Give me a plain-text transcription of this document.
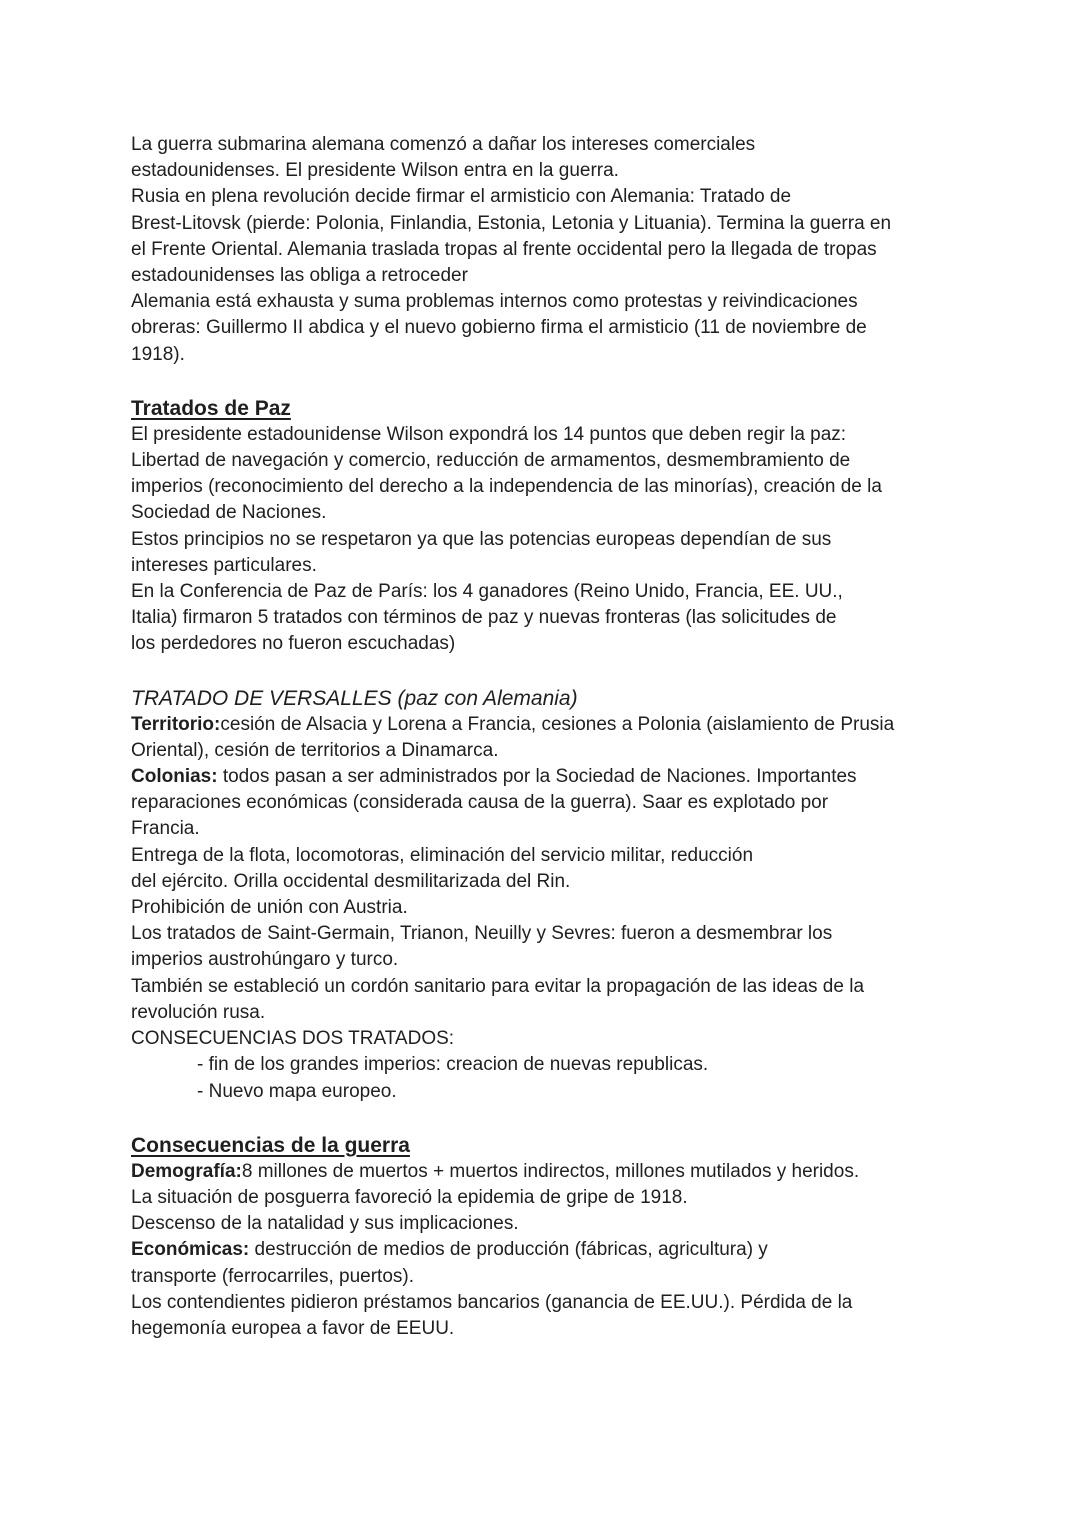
La guerra submarina alemana comenzó a dañar los intereses comerciales

estadounidenses. El presidente Wilson entra en la guerra.

Rusia en plena revolución decide firmar el armisticio con Alemania: Tratado de

Brest-Litovsk (pierde: Polonia, Finlandia, Estonia, Letonia y Lituania). Termina la guerra en

el Frente Oriental. Alemania traslada tropas al frente occidental pero la llegada de tropas

estadounidenses las obliga a retroceder

Alemania está exhausta y suma problemas internos como protestas y reivindicaciones

obreras: Guillermo II abdica y el nuevo gobierno firma el armisticio (11 de noviembre de

1918).

Tratados de Paz

El presidente estadounidense Wilson expondrá los 14 puntos que deben regir la paz:

Libertad de navegación y comercio, reducción de armamentos, desmembramiento de

imperios (reconocimiento del derecho a la independencia de las minorías), creación de la

Sociedad de Naciones.

Estos principios no se respetaron ya que las potencias europeas dependían de sus

intereses particulares.

En la Conferencia de Paz de París: los 4 ganadores (Reino Unido, Francia, EE. UU.,

Italia) firmaron 5 tratados con términos de paz y nuevas fronteras (las solicitudes de

los perdedores no fueron escuchadas)

TRATADO DE VERSALLES (paz con Alemania)

Territorio:cesión de Alsacia y Lorena a Francia, cesiones a Polonia (aislamiento de Prusia

Oriental), cesión de territorios a Dinamarca.

Colonias: todos pasan a ser administrados por la Sociedad de Naciones. Importantes

reparaciones económicas (considerada causa de la guerra). Saar es explotado por

Francia.

Entrega de la flota, locomotoras, eliminación del servicio militar, reducción

del ejército. Orilla occidental desmilitarizada del Rin.

Prohibición de unión con Austria.

Los tratados de Saint-Germain, Trianon, Neuilly y Sevres: fueron a desmembrar los

imperios austrohúngaro y turco.

También se estableció un cordón sanitario para evitar la propagación de las ideas de la

revolución rusa.

CONSECUENCIAS DOS TRATADOS:

- fin de los grandes imperios: creacion de nuevas republicas.
- Nuevo mapa europeo.

Consecuencias de la guerra

Demografía:8 millones de muertos + muertos indirectos, millones mutilados y heridos.

La situación de posguerra favoreció la epidemia de gripe de 1918.

Descenso de la natalidad y sus implicaciones.

Económicas: destrucción de medios de producción (fábricas, agricultura) y

transporte (ferrocarriles, puertos).

Los contendientes pidieron préstamos bancarios (ganancia de EE.UU.). Pérdida de la

hegemonía europea a favor de EEUU.
